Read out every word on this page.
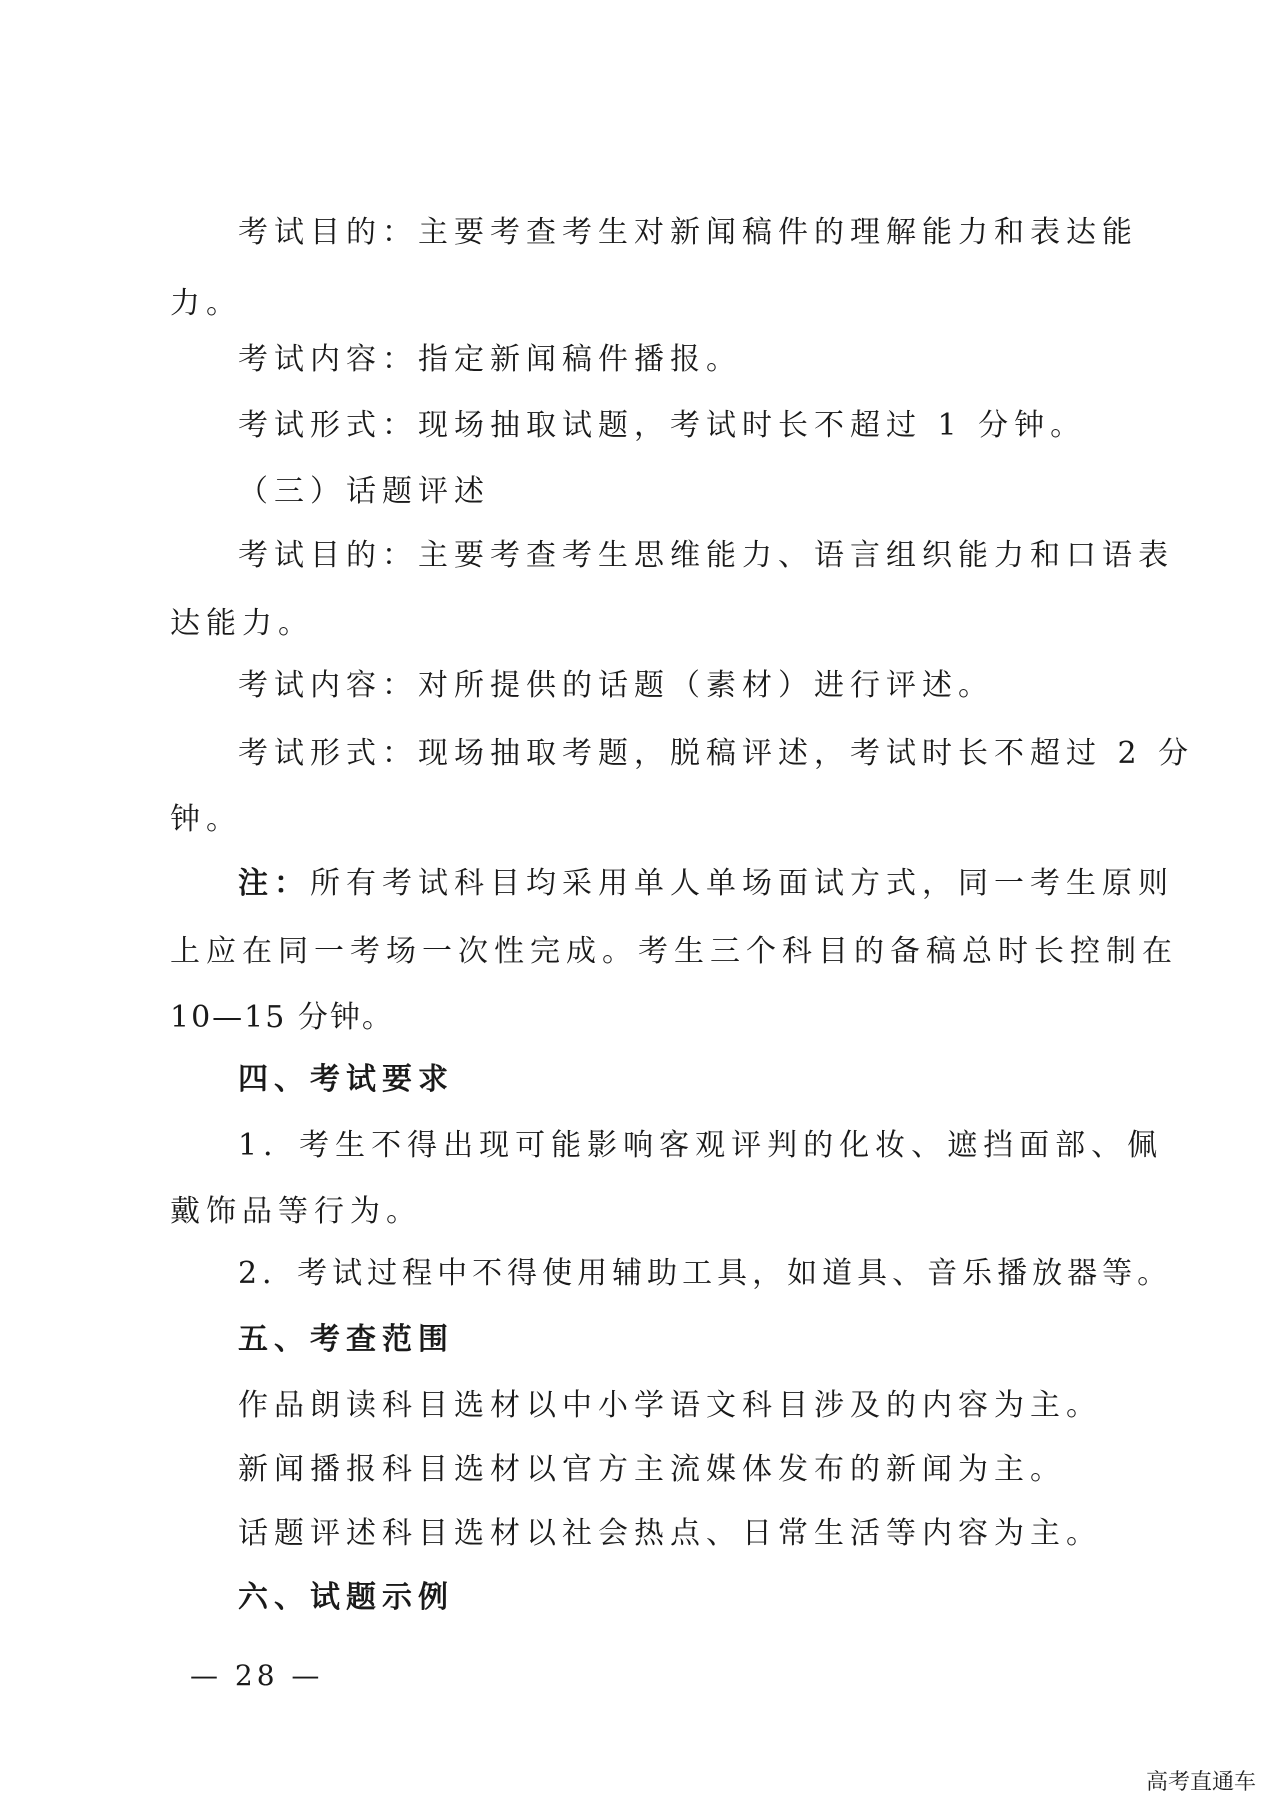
考试目的：主要考查考生对新闻稿件的理解能力和表达能
力。
考试内容：指定新闻稿件播报。
考试形式：现场抽取试题，考试时长不超过 1 分钟。
（三）话题评述
考试目的：主要考查考生思维能力、语言组织能力和口语表
达能力。
考试内容：对所提供的话题（素材）进行评述。
考试形式：现场抽取考题，脱稿评述，考试时长不超过 2 分
钟。
注： 所有考试科目均采用单人单场面试方式，同一考生原则
上应在同一考场一次性完成。考生三个科目的备稿总时长控制在
10—15 分钟。
四、考试要求
1．考生不得出现可能影响客观评判的化妆、遮挡面部、佩
戴饰品等行为。
2．考试过程中不得使用辅助工具，如道具、音乐播放器等。
五、考查范围
作品朗读科目选材以中小学语文科目涉及的内容为主。
新闻播报科目选材以官方主流媒体发布的新闻为主。
话题评述科目选材以社会热点、日常生活等内容为主。
六、试题示例
— 28 —
高考直通车
